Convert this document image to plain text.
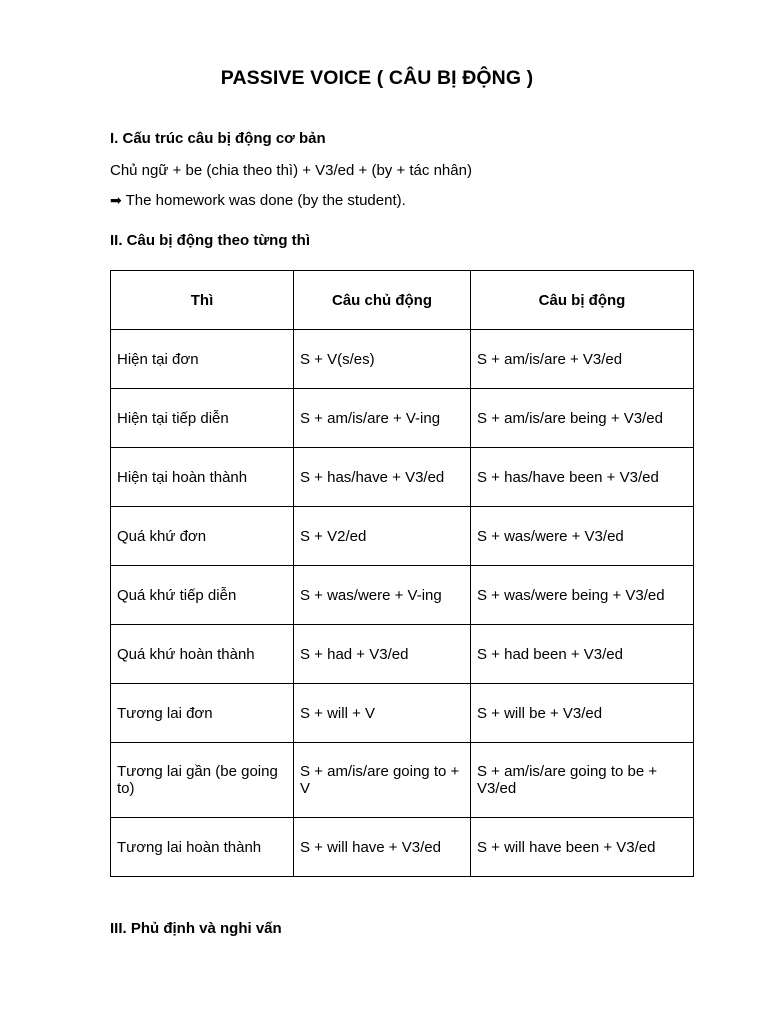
PASSIVE VOICE ( CÂU BỊ ĐỘNG )
I. Cấu trúc câu bị động cơ bản
Chủ ngữ + be (chia theo thì) + V3/ed + (by + tác nhân)
➡ The homework was done (by the student).
II. Câu bị động theo từng thì
Thì	Câu chủ động	Câu bị động
Hiện tại đơn	S + V(s/es)	S + am/is/are + V3/ed
Hiện tại tiếp diễn	S + am/is/are + V-ing	S + am/is/are being + V3/ed
Hiện tại hoàn thành	S + has/have + V3/ed	S + has/have been + V3/ed
Quá khứ đơn	S + V2/ed	S + was/were + V3/ed
Quá khứ tiếp diễn	S + was/were + V-ing	S + was/were being + V3/ed
Quá khứ hoàn thành	S + had + V3/ed	S + had been + V3/ed
Tương lai đơn	S + will + V	S + will be + V3/ed
Tương lai gần (be going to)	S + am/is/are going to + V	S + am/is/are going to be + V3/ed
Tương lai hoàn thành	S + will have + V3/ed	S + will have been + V3/ed
III. Phủ định và nghi vấn
